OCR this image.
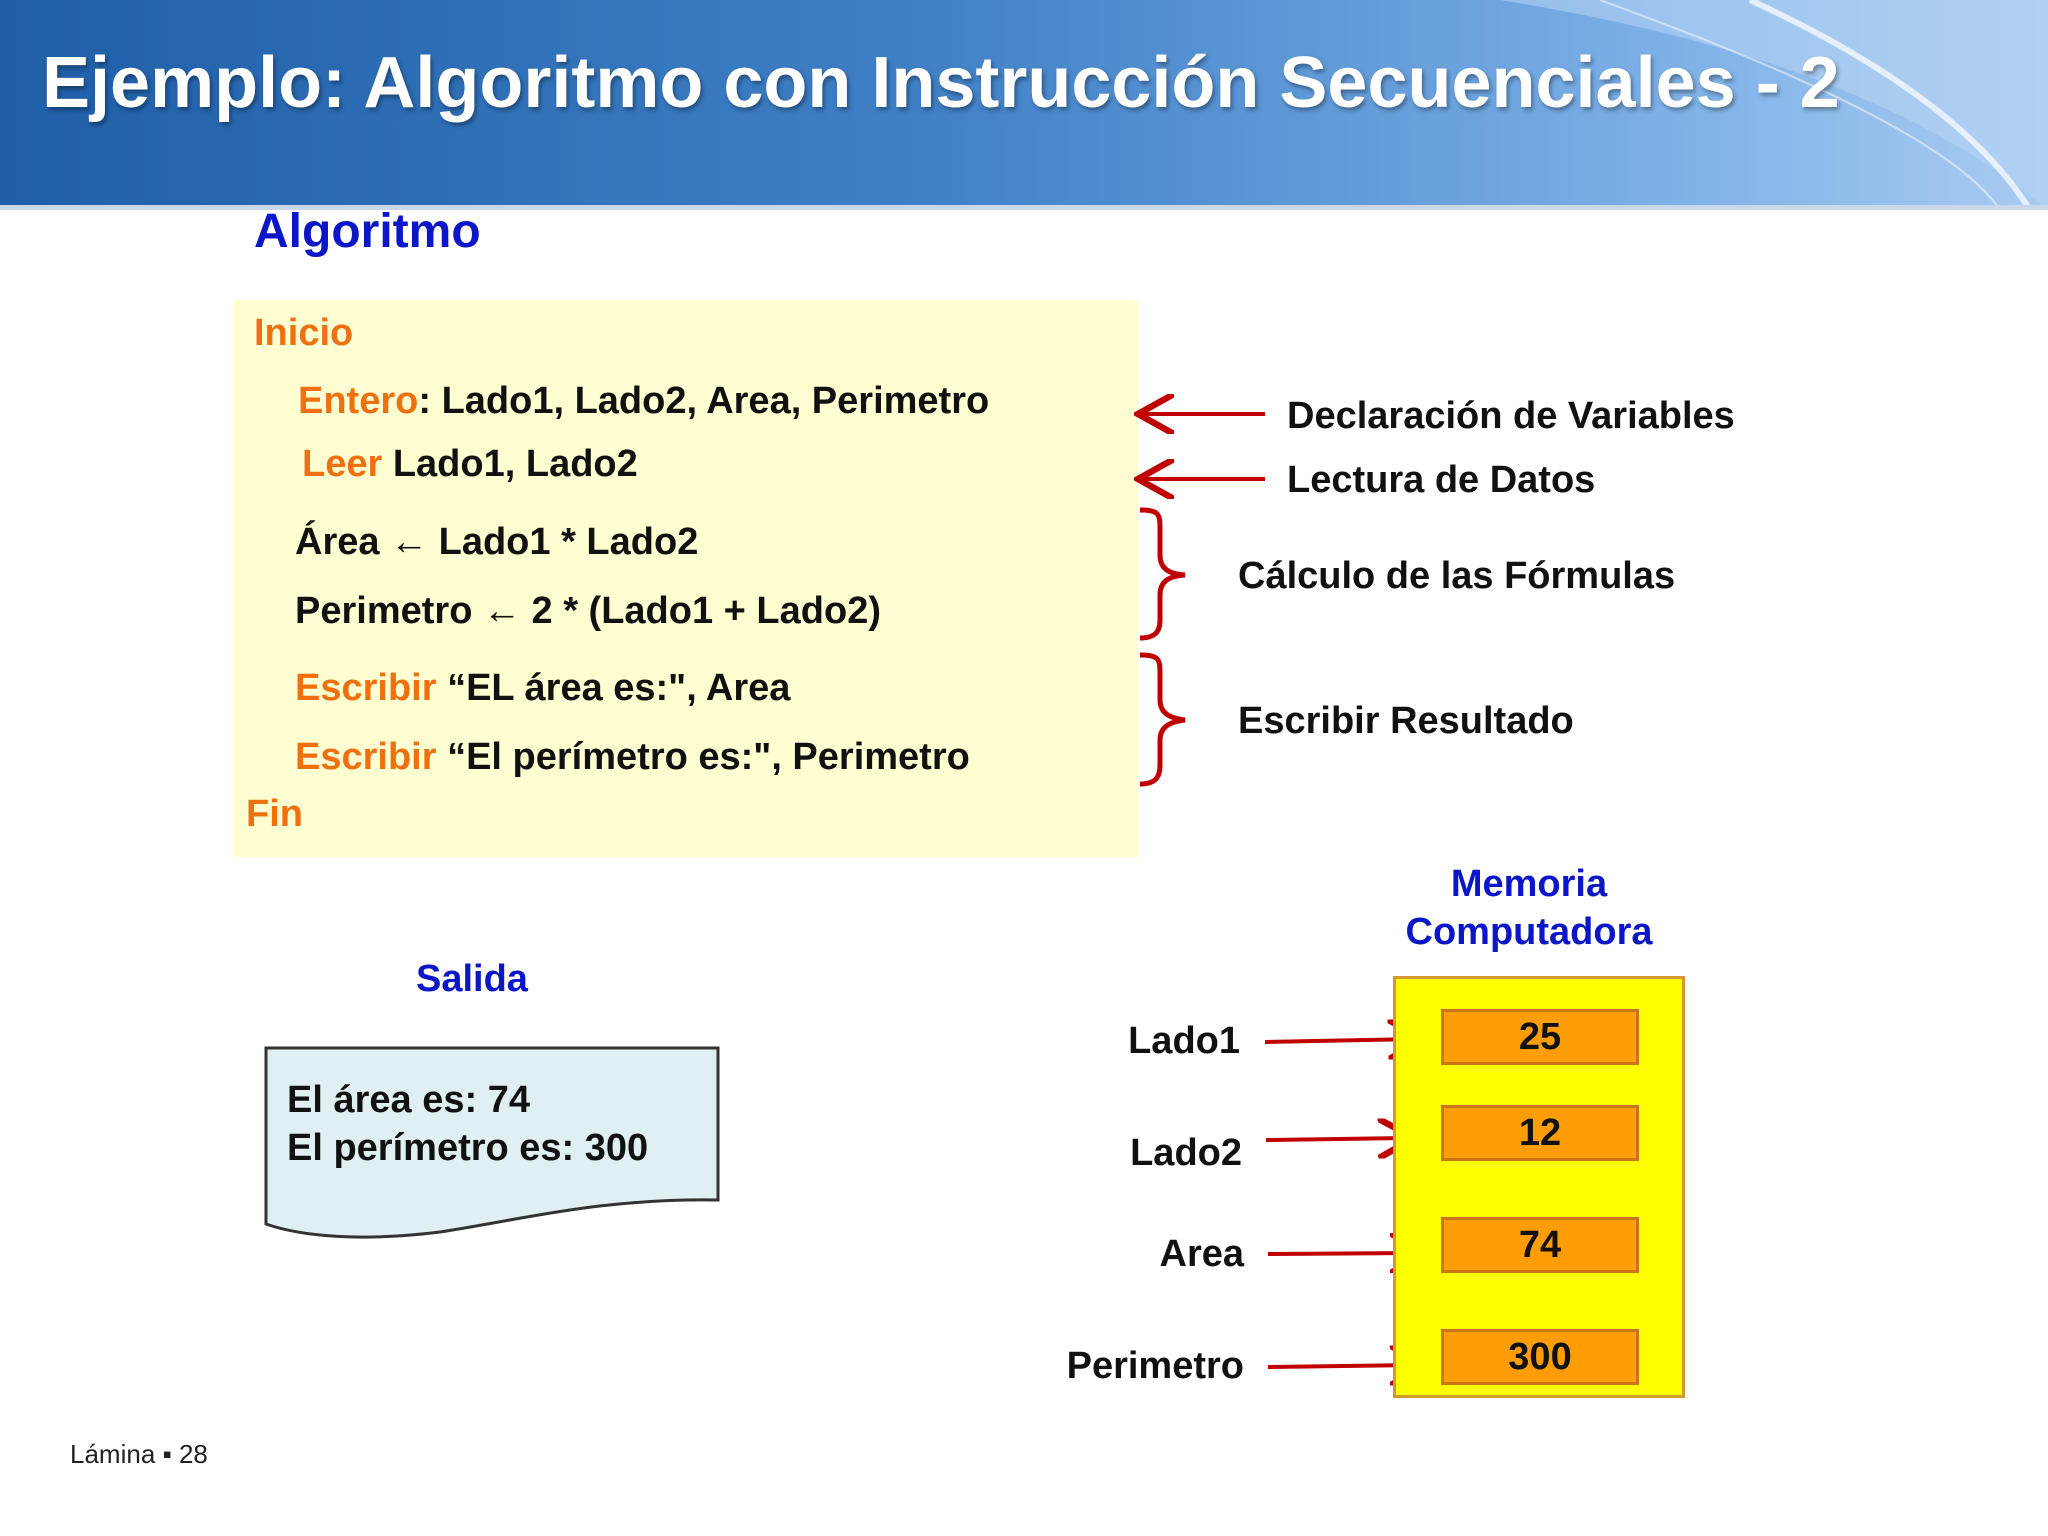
Ejemplo: Algoritmo con Instrucción Secuenciales - 2
Algoritmo
Inicio
Entero: Lado1, Lado2, Area, Perimetro
Leer Lado1, Lado2
Área ← Lado1 * Lado2
Perimetro ← 2 * (Lado1 + Lado2)
Escribir “EL área es:", Area
Escribir “El perímetro es:", Perimetro
Fin
Declaración de Variables
Lectura de Datos
Cálculo de las Fórmulas
Escribir Resultado
Salida
El área es: 74
El perímetro es: 300
Memoria
Computadora
25
12
74
300
Lado1
Lado2
Area
Perimetro
Lámina ▪ 28
